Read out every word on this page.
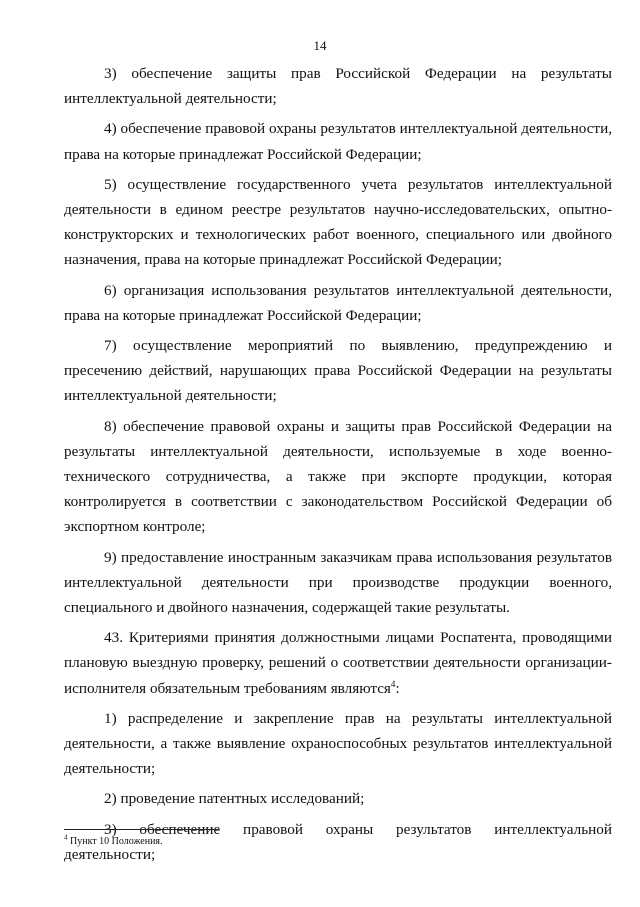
14

3) обеспечение защиты прав Российской Федерации на результаты интеллектуальной деятельности;

4) обеспечение правовой охраны результатов интеллектуальной деятельности, права на которые принадлежат Российской Федерации;

5) осуществление государственного учета результатов интеллектуальной деятельности в едином реестре результатов научно-исследовательских, опытно-конструкторских и технологических работ военного, специального или двойного назначения, права на которые принадлежат Российской Федерации;

6) организация использования результатов интеллектуальной деятельности, права на которые принадлежат Российской Федерации;

7) осуществление мероприятий по выявлению, предупреждению и пресечению действий, нарушающих права Российской Федерации на результаты интеллектуальной деятельности;

8) обеспечение правовой охраны и защиты прав Российской Федерации на результаты интеллектуальной деятельности, используемые в ходе военно-технического сотрудничества, а также при экспорте продукции, которая контролируется в соответствии с законодательством Российской Федерации об экспортном контроле;

9) предоставление иностранным заказчикам права использования результатов интеллектуальной деятельности при производстве продукции военного, специального и двойного назначения, содержащей такие результаты.

43. Критериями принятия должностными лицами Роспатента, проводящими плановую выездную проверку, решений о соответствии деятельности организации-исполнителя обязательным требованиям являются$^4$:

1) распределение и закрепление прав на результаты интеллектуальной деятельности, а также выявление охраноспособных результатов интеллектуальной деятельности;

2) проведение патентных исследований;

3) обеспечение правовой охраны результатов интеллектуальной деятельности;

$^4$ Пункт 10 Положения.
